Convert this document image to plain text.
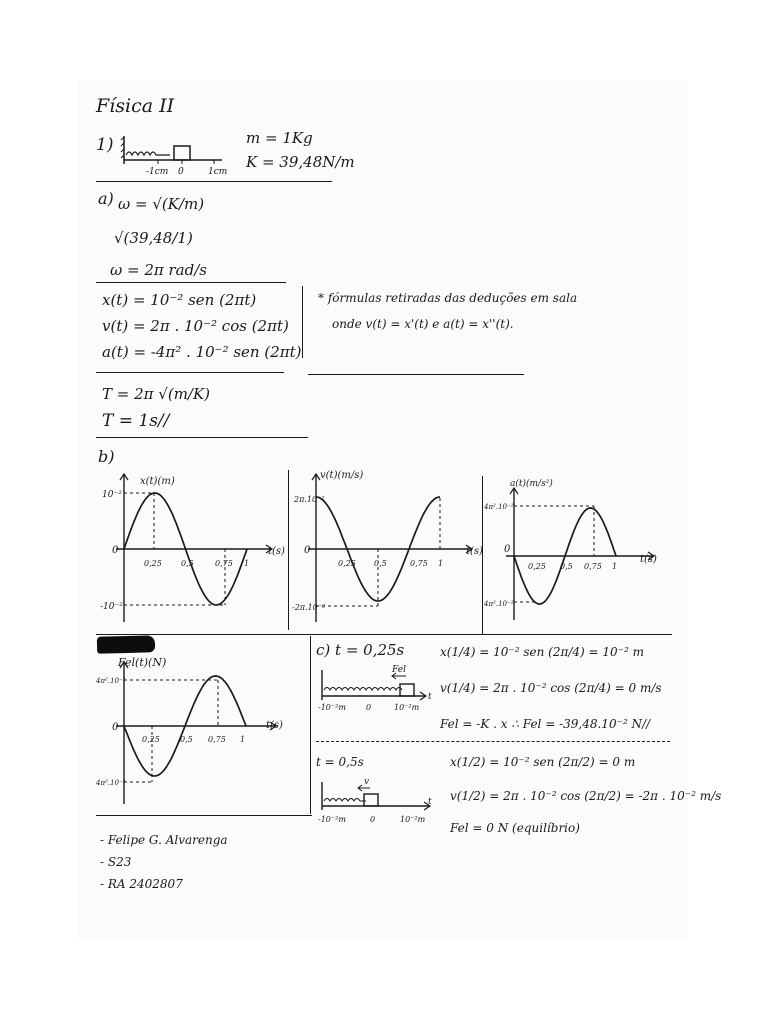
Física II
1)
-1cm 0	1cm
m = 1Kg
K = 39,48N/m
a) ω = √(K/m)
√(39,48/1)
ω = 2π rad/s
x(t) = 10⁻² sen (2πt)
v(t) = 2π . 10⁻² cos (2πt)
a(t) = -4π² . 10⁻² sen (2πt)
* fórmulas retiradas das deduções em sala
onde v(t) = x'(t) e a(t) = x''(t).
T = 2π √(m/K)
T = 1s//
b)
x(t)(m)
t(s)
10⁻²
-10⁻²
0
0,25 0,5	0,75 1
v(t)(m/s)
t(s)
2π.10⁻²
-2π.10⁻²
0
0,25 0,5	0,75 1
a(t)(m/s²)
t(s)
4π².10⁻²
4π².10⁻²
0
0,25 0,5 0,75 1
Fel(t)(N)
t(s)
4π².10⁻²
4π².10⁻²
0
0,25	0,5 0,75 1
c) t = 0,25s
Fel
-10⁻²m	0	10⁻²m
t
x(1/4) = 10⁻² sen (2π/4) = 10⁻² m
v(1/4) = 2π . 10⁻² cos (2π/4) = 0 m/s
Fel = -K . x ∴ Fel = -39,48.10⁻² N//
t = 0,5s
v
-10⁻²m	0	10⁻²m
t
x(1/2) = 10⁻² sen (2π/2) = 0 m
v(1/2) = 2π . 10⁻² cos (2π/2) = -2π . 10⁻² m/s
Fel = 0 N (equilíbrio)
- Felipe G. Alvarenga
- S23
- RA 2402807
